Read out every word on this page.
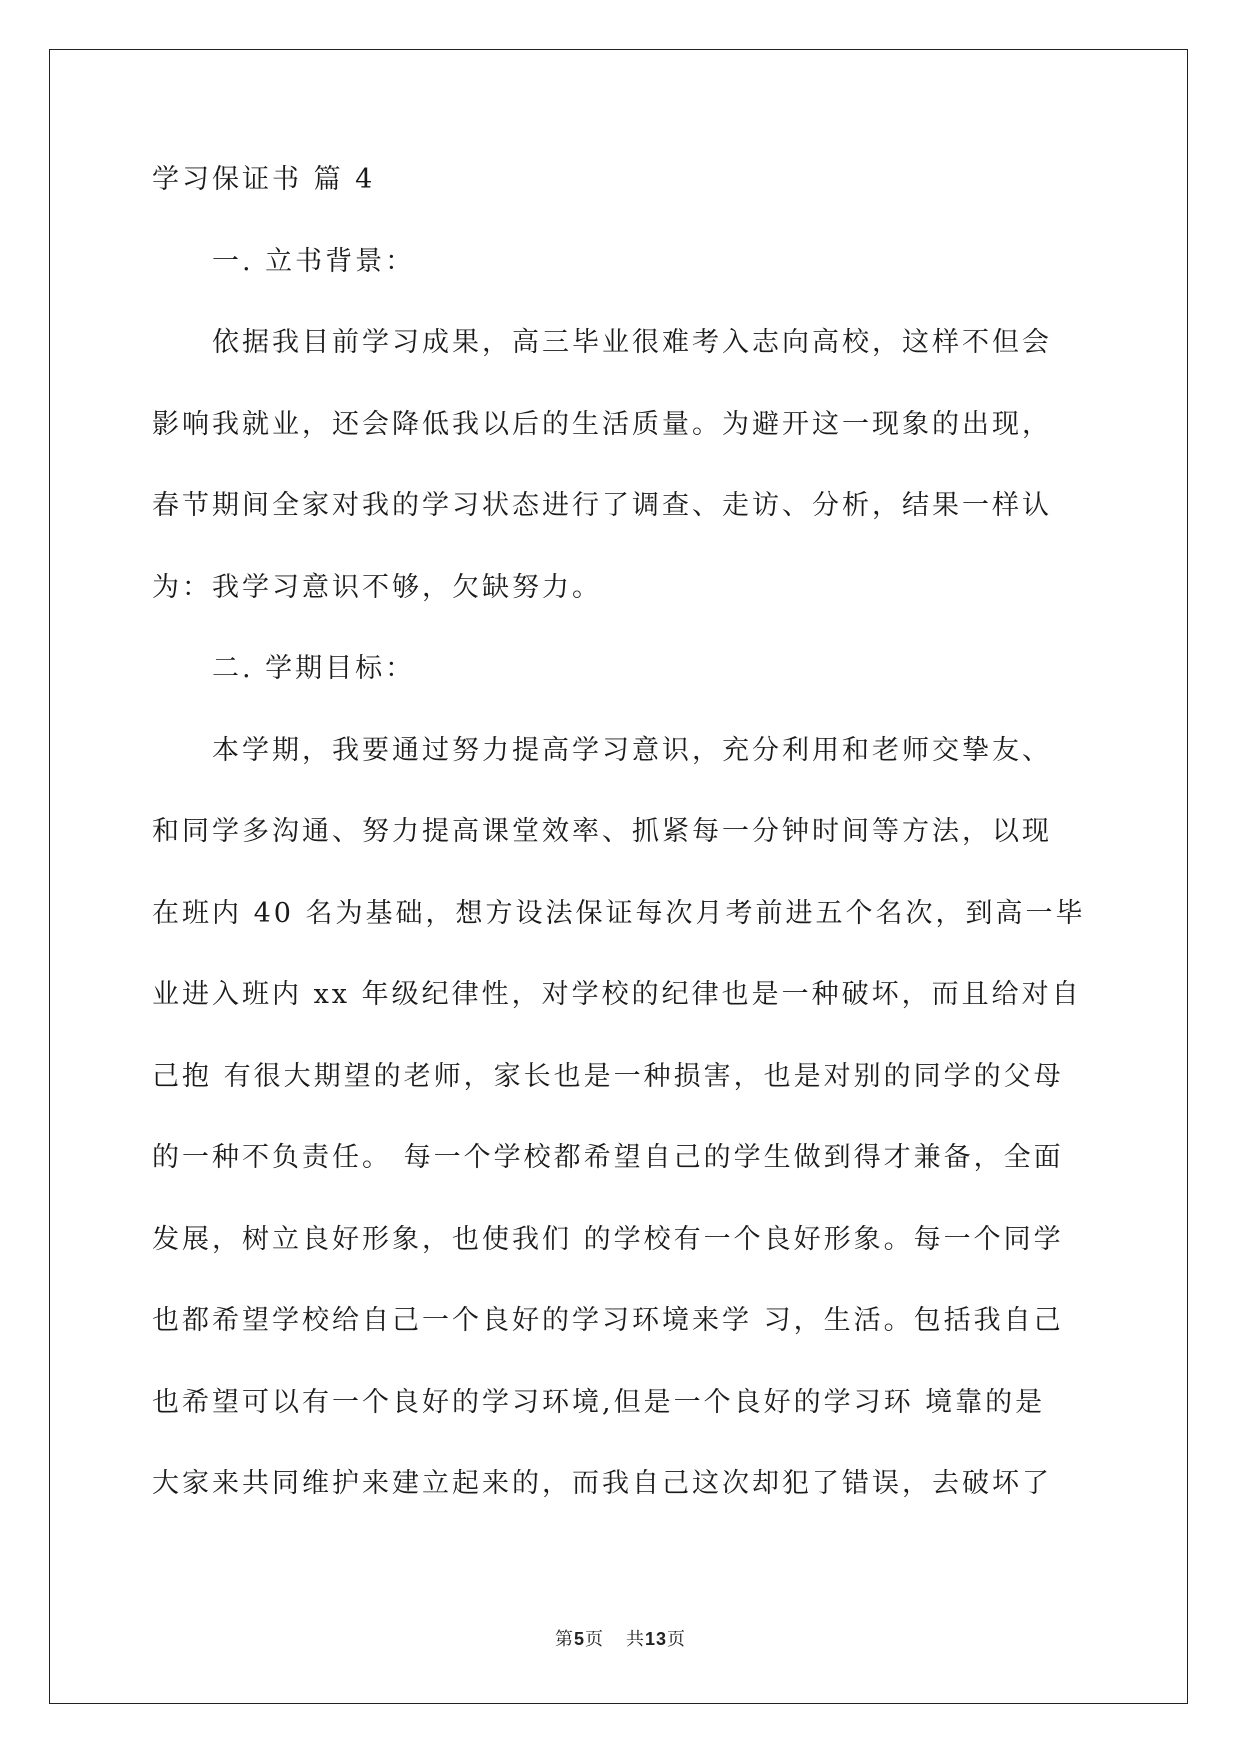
学习保证书 篇 4
一. 立书背景：
依据我目前学习成果，高三毕业很难考入志向高校，这样不但会
影响我就业，还会降低我以后的生活质量。为避开这一现象的出现，
春节期间全家对我的学习状态进行了调查、走访、分析，结果一样认
为：我学习意识不够，欠缺努力。
二. 学期目标：
本学期，我要通过努力提高学习意识，充分利用和老师交挚友、
和同学多沟通、努力提高课堂效率、抓紧每一分钟时间等方法，以现
在班内 40 名为基础，想方设法保证每次月考前进五个名次，到高一毕
业进入班内 xx 年级纪律性，对学校的纪律也是一种破坏，而且给对自
己抱 有很大期望的老师，家长也是一种损害，也是对别的同学的父母
的一种不负责任。 每一个学校都希望自己的学生做到得才兼备，全面
发展，树立良好形象，也使我们 的学校有一个良好形象。每一个同学
也都希望学校给自己一个良好的学习环境来学 习，生活。包括我自己
也希望可以有一个良好的学习环境,但是一个良好的学习环 境靠的是
大家来共同维护来建立起来的，而我自己这次却犯了错误，去破坏了
第5页 共13页
